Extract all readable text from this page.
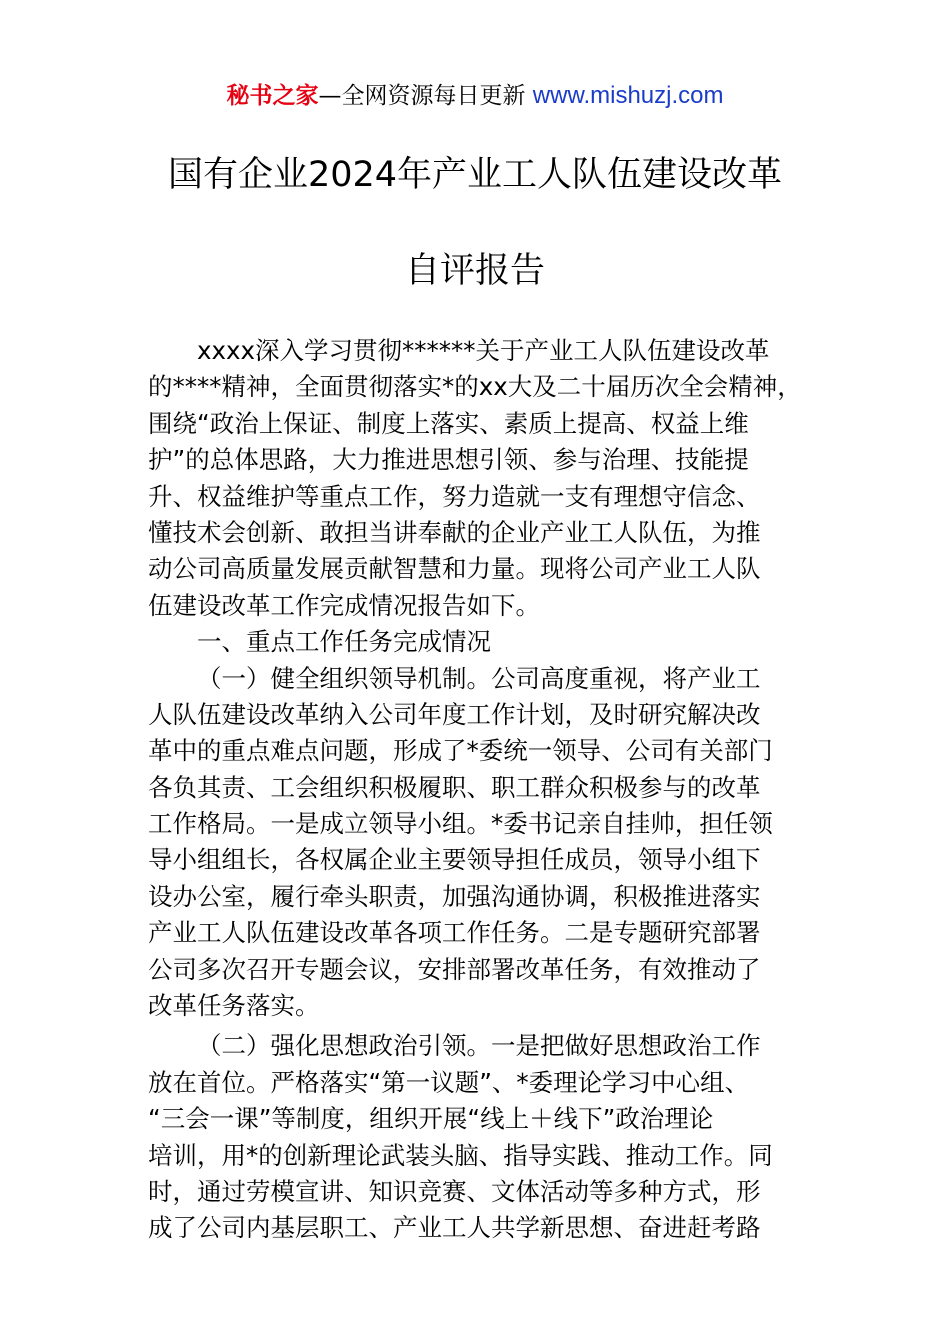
秘书之家—全网资源每日更新 www.mishuzj.com
国有企业2024年产业工人队伍建设改革
自评报告
xxxx深入学习贯彻******关于产业工人队伍建设改革
的****精神，全面贯彻落实*的xx大及二十届历次全会精神，
围绕“政治上保证、制度上落实、素质上提高、权益上维
护”的总体思路，大力推进思想引领、参与治理、技能提
升、权益维护等重点工作，努力造就一支有理想守信念、
懂技术会创新、敢担当讲奉献的企业产业工人队伍，为推
动公司高质量发展贡献智慧和力量。现将公司产业工人队
伍建设改革工作完成情况报告如下。
一、重点工作任务完成情况
（一）健全组织领导机制。公司高度重视，将产业工
人队伍建设改革纳入公司年度工作计划，及时研究解决改
革中的重点难点问题，形成了*委统一领导、公司有关部门
各负其责、工会组织积极履职、职工群众积极参与的改革
工作格局。一是成立领导小组。*委书记亲自挂帅，担任领
导小组组长，各权属企业主要领导担任成员，领导小组下
设办公室，履行牵头职责，加强沟通协调，积极推进落实
产业工人队伍建设改革各项工作任务。二是专题研究部署
公司多次召开专题会议，安排部署改革任务，有效推动了
改革任务落实。
（二）强化思想政治引领。一是把做好思想政治工作
放在首位。严格落实“第一议题”、*委理论学习中心组、
“三会一课”等制度，组织开展“线上＋线下”政治理论
培训，用*的创新理论武装头脑、指导实践、推动工作。同
时，通过劳模宣讲、知识竞赛、文体活动等多种方式，形
成了公司内基层职工、产业工人共学新思想、奋进赶考路
